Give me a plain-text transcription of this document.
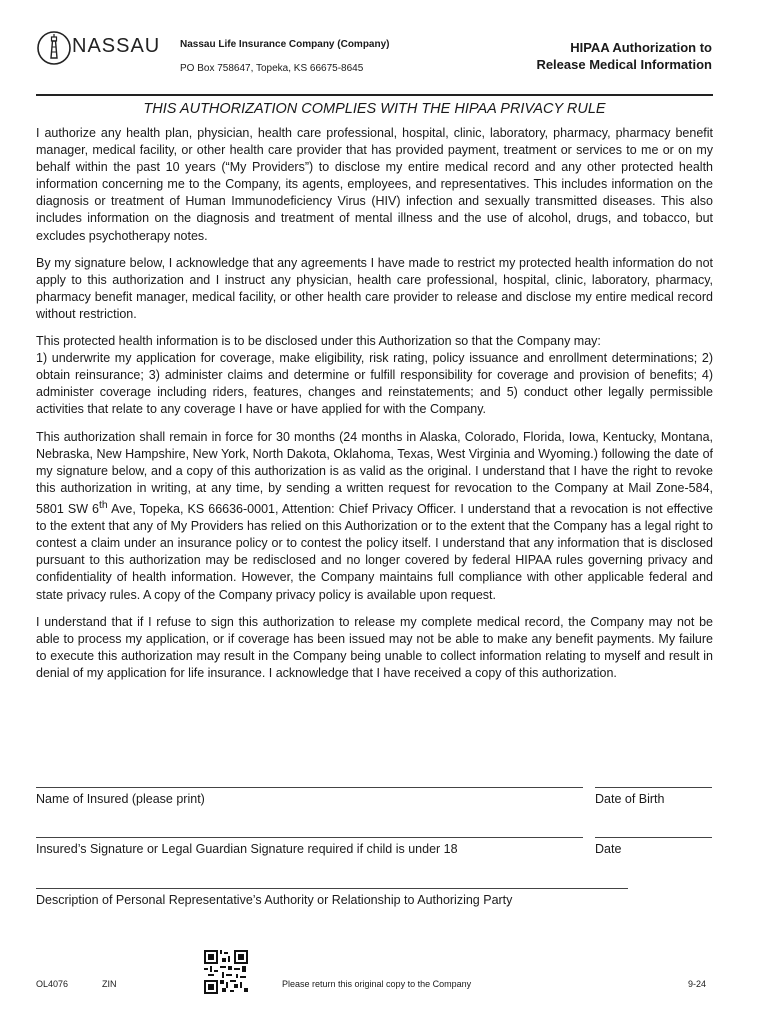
NASSAU Nassau Life Insurance Company (Company)
PO Box 758647, Topeka, KS 66675-8645
HIPAA Authorization to
Release Medical Information
THIS AUTHORIZATION COMPLIES WITH THE HIPAA PRIVACY RULE

I authorize any health plan, physician, health care professional, hospital, clinic, laboratory, pharmacy, pharmacy benefit manager, medical facility, or other health care provider that has provided payment, treatment or services to me or on my behalf within the past 10 years (“My Providers”) to disclose my entire medical record and any other protected health information concerning me to the Company, its agents, employees, and representatives. This includes information on the diagnosis or treatment of Human Immunodeficiency Virus (HIV) infection and sexually transmitted diseases. This also includes information on the diagnosis and treatment of mental illness and the use of alcohol, drugs, and tobacco, but excludes psychotherapy notes.

By my signature below, I acknowledge that any agreements I have made to restrict my protected health information do not apply to this authorization and I instruct any physician, health care professional, hospital, clinic, laboratory, pharmacy, pharmacy benefit manager, medical facility, or other health care provider to release and disclose my entire medical record without restriction.

This protected health information is to be disclosed under this Authorization so that the Company may:
1) underwrite my application for coverage, make eligibility, risk rating, policy issuance and enrollment determinations; 2) obtain reinsurance; 3) administer claims and determine or fulfill responsibility for coverage and provision of benefits; 4) administer coverage including riders, features, changes and reinstatements; and 5) conduct other legally permissible activities that relate to any coverage I have or have applied for with the Company.

This authorization shall remain in force for 30 months (24 months in Alaska, Colorado, Florida, Iowa, Kentucky, Montana, Nebraska, New Hampshire, New York, North Dakota, Oklahoma, Texas, West Virginia and Wyoming.) following the date of my signature below, and a copy of this authorization is as valid as the original. I understand that I have the right to revoke this authorization in writing, at any time, by sending a written request for revocation to the Company at Mail Zone-584, 5801 SW 6th Ave, Topeka, KS 66636-0001, Attention: Chief Privacy Officer. I understand that a revocation is not effective to the extent that any of My Providers has relied on this Authorization or to the extent that the Company has a legal right to contest a claim under an insurance policy or to contest the policy itself. I understand that any information that is disclosed pursuant to this authorization may be redisclosed and no longer covered by federal HIPAA rules governing privacy and confidentiality of health information. However, the Company maintains full compliance with other applicable federal and state privacy rules. A copy of the Company privacy policy is available upon request.

I understand that if I refuse to sign this authorization to release my complete medical record, the Company may not be able to process my application, or if coverage has been issued may not be able to make any benefit payments. My failure to execute this authorization may result in the Company being unable to collect information relating to myself and result in denial of my application for life insurance. I acknowledge that I have received a copy of this authorization.

Name of Insured (please print)	Date of Birth
Insured’s Signature or Legal Guardian Signature required if child is under 18	Date
Description of Personal Representative’s Authority or Relationship to Authorizing Party
OL4076	ZIN	Please return this original copy to the Company	9-24
